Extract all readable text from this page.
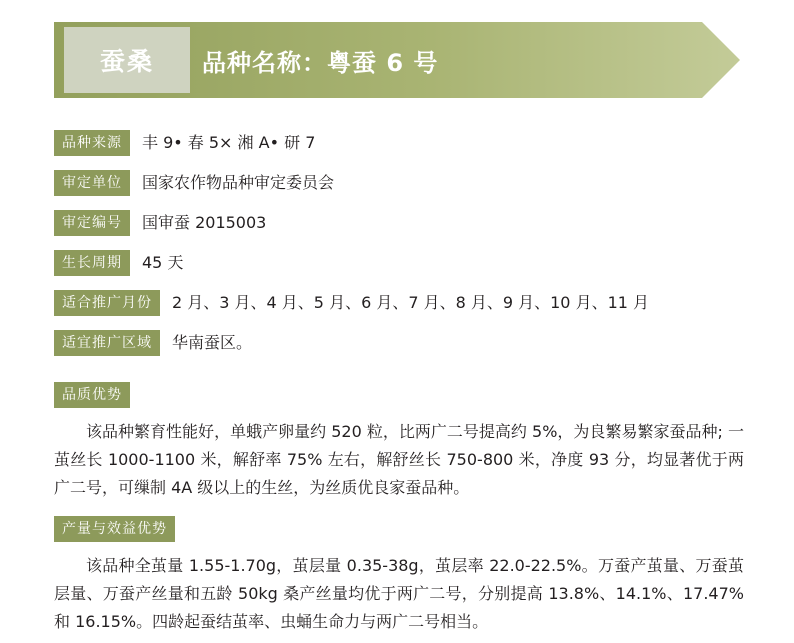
蚕桑	品种名称：粤蚕 6 号
品种来源	丰 9• 春 5× 湘 A• 研 7
审定单位	国家农作物品种审定委员会
审定编号	国审蚕 2015003
生长周期	45 天
适合推广月份	2 月、3 月、4 月、5 月、6 月、7 月、8 月、9 月、10 月、11 月
适宜推广区域	华南蚕区。
品质优势
该品种繁育性能好，单蛾产卵量约 520 粒，比两广二号提高约 5%，为良繁易繁家蚕品种; 一茧丝长 1000-1100 米，解舒率 75% 左右，解舒丝长 750-800 米，净度 93 分，均显著优于两广二号，可缫制 4A 级以上的生丝，为丝质优良家蚕品种。
产量与效益优势
该品种全茧量 1.55-1.70g，茧层量 0.35-38g，茧层率 22.0-22.5%。万蚕产茧量、万蚕茧层量、万蚕产丝量和五龄 50kg 桑产丝量均优于两广二号，分别提高 13.8%、14.1%、17.47% 和 16.15%。四龄起蚕结茧率、虫蛹生命力与两广二号相当。
